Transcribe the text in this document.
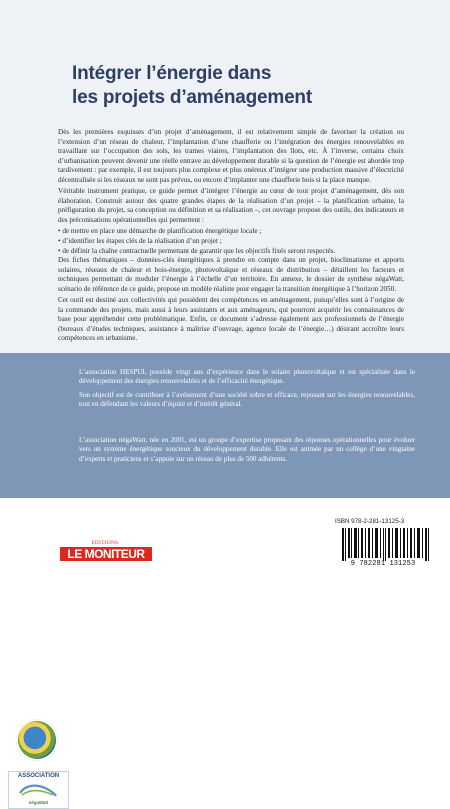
Intégrer l’énergie dans
les projets d’aménagement

Dès les premières esquisses d’un projet d’aménagement, il est relativement simple de favoriser la création ou l’extension d’un réseau de chaleur, l’implantation d’une chaufferie ou l’intégration des énergies renouvelables en travaillant sur l’occupation des sols, les trames viaires, l’implantation des îlots, etc. À l’inverse, certains choix d’urbanisation peuvent devenir une réelle entrave au développement durable si la question de l’énergie est abordée trop tardivement : par exemple, il est toujours plus complexe et plus onéreux d’intégrer une production massive d’électricité décentralisée si les réseaux ne sont pas prévus, ou encore d’implanter une chaufferie bois si la place manque.

Véritable instrument pratique, ce guide permet d’intégrer l’énergie au cœur de tout projet d’aménagement, dès son élaboration. Construit autour des quatre grandes étapes de la réalisation d’un projet – la planification urbaine, la préfiguration du projet, sa conception ou définition et sa réalisation –, cet ouvrage propose des outils, des indicateurs et des préconisations opérationnelles qui permettent :

• de mettre en place une démarche de planification énergétique locale ;
• d’identifier les étapes clés de la réalisation d’un projet ;
• de définir la chaîne contractuelle permettant de garantir que les objectifs fixés seront respectés.

Des fiches thématiques – données-clés énergétiques à prendre en compte dans un projet, bioclimatisme et apports solaires, réseaux de chaleur et bois-énergie, photovoltaïque et réseaux de distribution – détaillent les facteurs et techniques permettant de moduler l’énergie à l’échelle d’un territoire. En annexe, le dossier de synthèse négaWatt, scénario de référence de ce guide, propose un modèle réaliste pour engager la transition énergétique à l’horizon 2050.

Cet outil est destiné aux collectivités qui possèdent des compétences en aménagement, puisqu’elles sont à l’origine de la commande des projets, mais aussi à leurs assistants et aux aménageurs, qui pourront acquérir les connaissances de base pour appréhender cette problématique. Enfin, ce document s’adresse également aux professionnels de l’énergie (bureaux d’études techniques, assistance à maîtrise d’ouvrage, agence locale de l’énergie…) désirant accroître leurs compétences en urbanisme.

HESPUL
ASSOCIATION
négaWatt
L’association HESPUL possède vingt ans d’expérience dans le solaire photovoltaïque et est spécialisée dans le développement des énergies renouvelables et de l’efficacité énergétique.
Son objectif est de contribuer à l’avènement d’une société sobre et efficace, reposant sur les énergies renouvelables, tout en défendant les valeurs d’équité et d’intérêt général.
L’association négaWatt, née en 2001, est un groupe d’expertise proposant des réponses opérationnelles pour évoluer vers un système énergétique soucieux du développement durable. Elle est animée par un collège d’une vingtaine d’experts et praticiens et s’appuie sur un réseau de plus de 500 adhérents.
EDITIONS
LE MONITEUR
ISBN 978-2-281-13125-3
9 782281 131253
